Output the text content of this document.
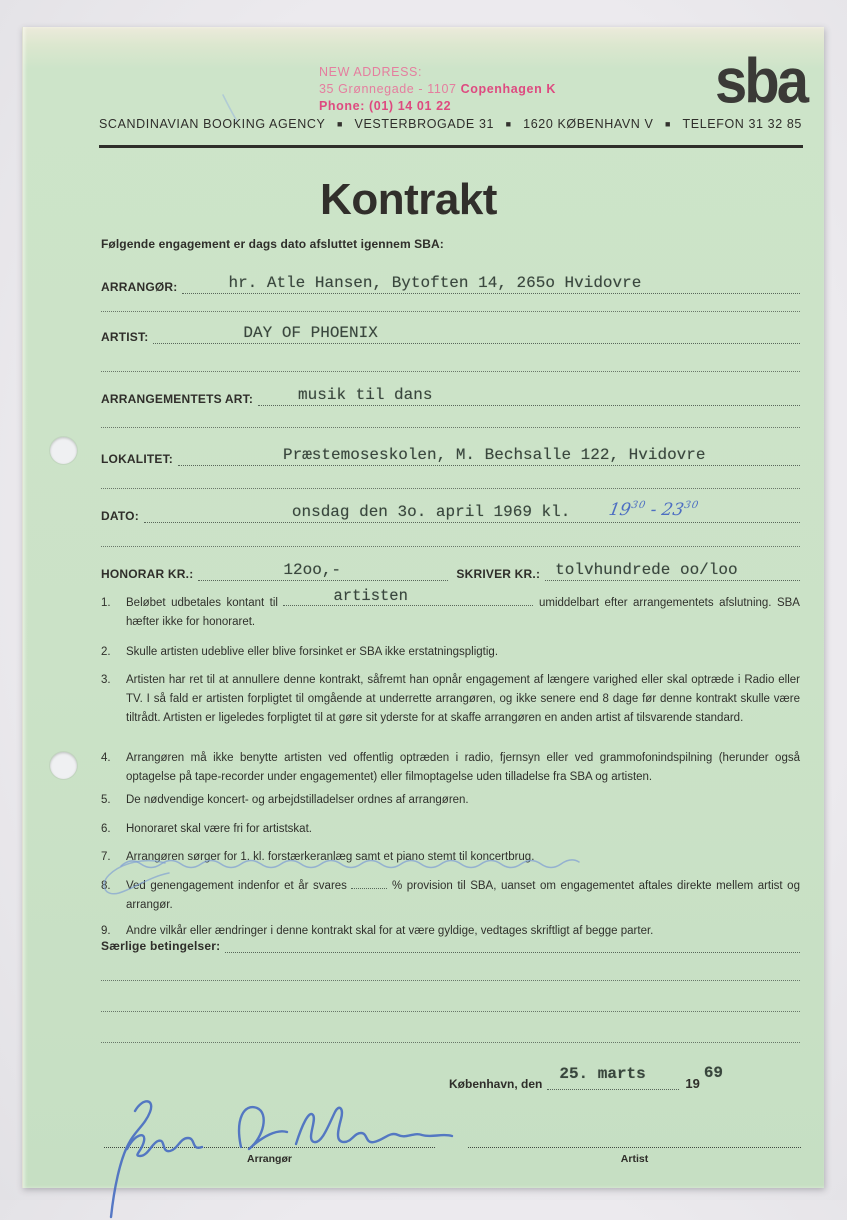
NEW ADDRESS:
35 Grønnegade - 1107 Copenhagen K
Phone: (01) 14 01 22	sba
SCANDINAVIAN BOOKING AGENCY ■ VESTERBROGADE 31 ■ 1620 KØBENHAVN V ■ TELEFON 31 32 85
Kontrakt
Følgende engagement er dags dato afsluttet igennem SBA:
ARRANGØR:	hr. Atle Hansen, Bytoften 14, 265o Hvidovre
ARTIST:	DAY OF PHOENIX
ARRANGEMENTETS ART:	musik til dans
LOKALITET:	Præstemoseskolen, M. Bechsalle 122, Hvidovre
DATO:	onsdag den 3o. april 1969 kl. $19^{30} - 23^{30}$
HONORAR KR.:	12oo,-	SKRIVER KR.: tolvhundrede oo/loo
1. Beløbet udbetales kontant til	artisten	umiddelbart efter arrangementets afslutning. SBA hæfter ikke for honoraret.
2. Skulle artisten udeblive eller blive forsinket er SBA ikke erstatningspligtig.
3. Artisten har ret til at annullere denne kontrakt, såfremt han opnår engagement af længere varighed eller skal optræde i Radio eller TV. I så fald er artisten forpligtet til omgående at underrette arrangøren, og ikke senere end 8 dage før denne kontrakt skulle være tiltrådt. Artisten er ligeledes forpligtet til at gøre sit yderste for at skaffe arrangøren en anden artist af tilsvarende standard.
4. Arrangøren må ikke benytte artisten ved offentlig optræden i radio, fjernsyn eller ved grammofonindspilning (herunder også optagelse på tape-recorder under engagementet) eller filmoptagelse uden tilladelse fra SBA og artisten.
5. De nødvendige koncert- og arbejdstilladelser ordnes af arrangøren.
6. Honoraret skal være fri for artistskat.
7. Arrangøren sørger for 1. kl. forstærkeranlæg samt et piano stemt til koncertbrug.
8. Ved genengagement indenfor et år svares	% provision til SBA, uanset om engagementet aftales direkte mellem artist og arrangør.
9. Andre vilkår eller ændringer i denne kontrakt skal for at være gyldige, vedtages skriftligt af begge parter.
Særlige betingelser:
København, den
25. marts
19
69
Arrangør	Artist
